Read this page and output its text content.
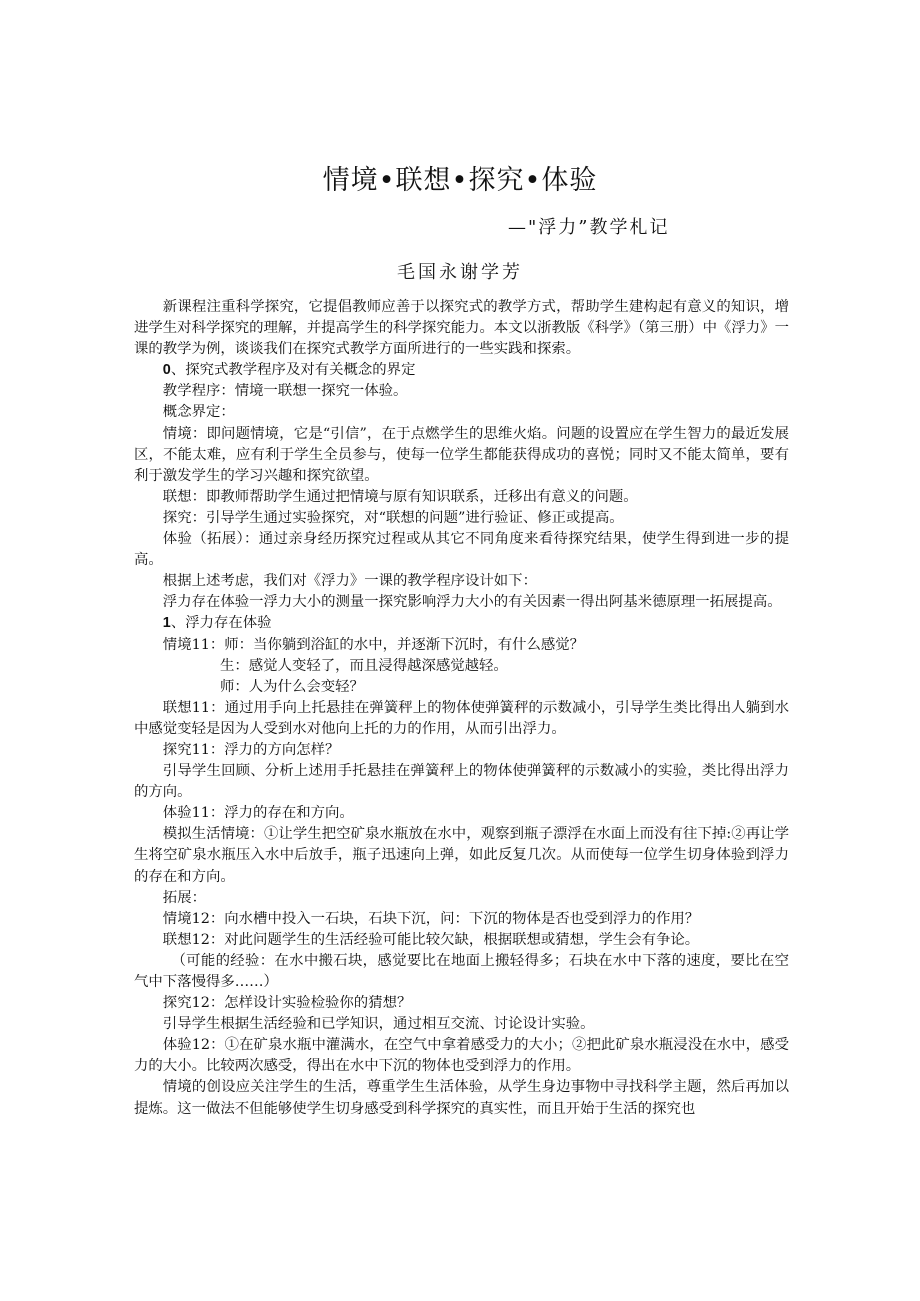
情境•联想•探究•体验

—"浮力”教学札记

毛国永谢学芳

新课程注重科学探究，它提倡教师应善于以探究式的教学方式，帮助学生建构起有意义的知识，增进学生对科学探究的理解，并提高学生的科学探究能力。本文以浙教版《科学》（第三册）中《浮力》一课的教学为例，谈谈我们在探究式教学方面所进行的一些实践和探索。

0、探究式教学程序及对有关概念的界定

教学程序：情境一联想一探究一体验。

概念界定：

情境：即问题情境，它是“引信”，在于点燃学生的思维火焰。问题的设置应在学生智力的最近发展区，不能太难，应有利于学生全员参与，使每一位学生都能获得成功的喜悦；同时又不能太简单，要有利于激发学生的学习兴趣和探究欲望。

联想：即教师帮助学生通过把情境与原有知识联系，迁移出有意义的问题。

探究：引导学生通过实验探究，对“联想的问题”进行验证、修正或提高。

体验（拓展）：通过亲身经历探究过程或从其它不同角度来看待探究结果，使学生得到进一步的提高。

根据上述考虑，我们对《浮力》一课的教学程序设计如下：

浮力存在体验一浮力大小的测量一探究影响浮力大小的有关因素一得出阿基米德原理一拓展提高。

1、浮力存在体验

情境11：师：当你躺到浴缸的水中，并逐渐下沉时，有什么感觉？

生：感觉人变轻了，而且浸得越深感觉越轻。

师：人为什么会变轻？

联想11：通过用手向上托悬挂在弹簧秤上的物体使弹簧秤的示数减小，引导学生类比得出人躺到水中感觉变轻是因为人受到水对他向上托的力的作用，从而引出浮力。

探究11：浮力的方向怎样？

引导学生回顾、分析上述用手托悬挂在弹簧秤上的物体使弹簧秤的示数减小的实验，类比得出浮力的方向。

体验11：浮力的存在和方向。

模拟生活情境：①让学生把空矿泉水瓶放在水中，观察到瓶子漂浮在水面上而没有往下掉:②再让学生将空矿泉水瓶压入水中后放手，瓶子迅速向上弹，如此反复几次。从而使每一位学生切身体验到浮力的存在和方向。

拓展：

情境12：向水槽中投入一石块，石块下沉，问：下沉的物体是否也受到浮力的作用？

联想12：对此问题学生的生活经验可能比较欠缺，根据联想或猜想，学生会有争论。

（可能的经验：在水中搬石块，感觉要比在地面上搬轻得多；石块在水中下落的速度，要比在空气中下落慢得多……）

探究12：怎样设计实验检验你的猜想？

引导学生根据生活经验和已学知识，通过相互交流、讨论设计实验。

体验12：①在矿泉水瓶中灌满水，在空气中拿着感受力的大小；②把此矿泉水瓶浸没在水中，感受力的大小。比较两次感受，得出在水中下沉的物体也受到浮力的作用。

情境的创设应关注学生的生活，尊重学生生活体验，从学生身边事物中寻找科学主题，然后再加以提炼。这一做法不但能够使学生切身感受到科学探究的真实性，而且开始于生活的探究也
